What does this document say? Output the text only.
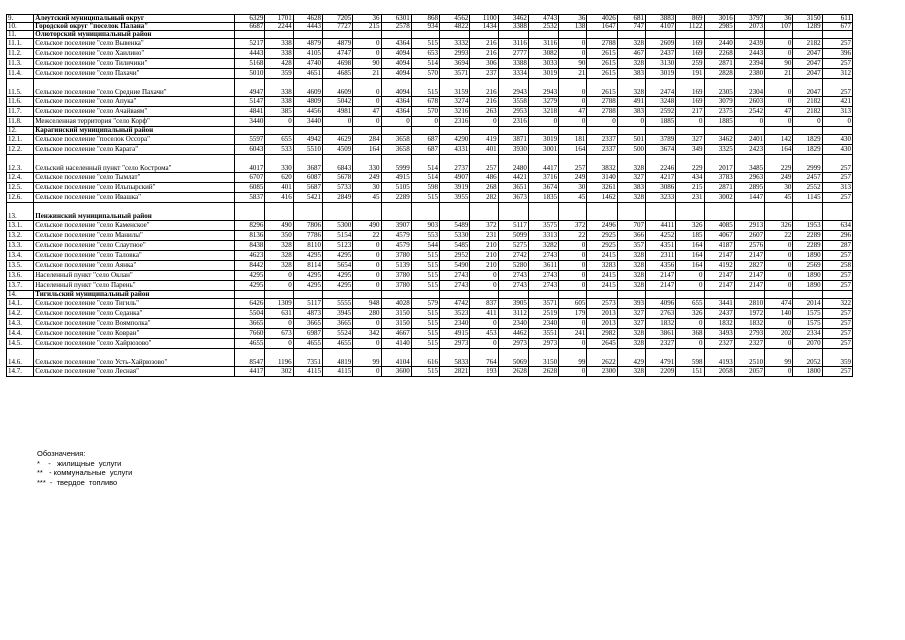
9.	Алеутский муниципальный округ	6329	1701	4628	7205	36	6301	868	4562	1100	3462	4743	36	4026	681	3883	869	3016	3797	36	3150	611
10.	Городской округ "поселок Палана"	6687	2244	4443	7727	215	2578	934	4822	1434	3388	2532	138	1647	747	4107	1122	2985	2073	107	1289	677
11.	Олюторский муниципальный район																					
11.1.	Сельское поселение "село Вывенка"	5217	338	4879	4879	0	4364	515	3332	216	3116	3116	0	2788	328	2609	169	2440	2439	0	2182	257
11.2.	Сельское поселение "село Хаилино"	4443	338	4105	4747	0	4094	653	2993	216	2777	3082	0	2615	467	2437	169	2268	2443	0	2047	396
11.3.	Сельское поселение "село Тиличики"	5168	428	4740	4698	90	4094	514	3694	306	3388	3033	90	2615	328	3130	259	2871	2394	90	2047	257
11.4.	Сельское поселение "село Пахачи"	5010	359	4651	4685	21	4094	570	3571	237	3334	3019	21	2615	383	3019	191	2828	2380	21	2047	312
11.5.	Сельское поселение "село Средние Пахачи"	4947	338	4609	4609	0	4094	515	3159	216	2943	2943	0	2615	328	2474	169	2305	2304	0	2047	257
11.6.	Сельское поселение "село Апука"	5147	338	4809	5042	0	4364	678	3274	216	3558	3279	0	2788	491	3248	169	3079	2603	0	2182	421
11.7.	Сельское поселение "село Ачайваям"	4841	385	4456	4981	47	4364	570	3216	263	2953	3218	47	2788	383	2592	217	2375	2542	47	2182	313
11.8.	Межселенная территория "село Корф"	3440	0	3440	0	0	0	0	2316	0	2316	0	0	0	0	1885	0	1885	0	0	0	0
12.	Карагинский муниципальный район																					
12.1.	Сельское поселение "поселок Оссора"	5597	655	4942	4629	284	3658	687	4290	419	3871	3019	181	2337	501	3789	327	3462	2401	142	1829	430
12.2.	Сельское поселение "село Карага"	6043	533	5510	4509	164	3658	687	4331	401	3930	3001	164	2337	500	3674	349	3325	2423	164	1829	430
12.3.	Сельский населенный пункт "село Кострома"	4017	330	3687	6843	330	5999	514	2737	257	2480	4417	257	3832	328	2246	229	2017	3485	229	2999	257
12.4.	Сельское поселение "село Тымлат"	6707	620	6087	5678	249	4915	514	4907	486	4421	3716	249	3140	327	4217	434	3783	2963	249	2457	257
12.5.	Сельское поселение "село Ильпырский"	6085	401	5687	5733	30	5105	598	3919	268	3651	3674	30	3261	383	3086	215	2871	2895	30	2552	313
12.6.	Сельское поселение "село Ивашка"	5837	416	5421	2849	45	2289	515	3955	282	3673	1835	45	1462	328	3233	231	3002	1447	45	1145	257
13.	Пенжинский муниципальный район																					
13.1.	Сельское поселение "село Каменское"	8296	490	7806	5300	490	3907	903	5489	372	5117	3575	372	2496	707	4411	326	4085	2913	326	1953	634
13.2.	Сельское поселение "село Манилы"	8136	350	7786	5154	22	4579	553	5330	231	5099	3313	22	2925	366	4252	185	4067	2607	22	2289	296
13.3.	Сельское поселение "село Слаутное"	8438	328	8110	5123	0	4579	544	5485	210	5275	3282	0	2925	357	4351	164	4187	2576	0	2289	287
13.4.	Сельское поселение "село Таловка"	4623	328	4295	4295	0	3780	515	2952	210	2742	2743	0	2415	328	2311	164	2147	2147	0	1890	257
13.5.	Сельское поселение "село Аянка"	8442	328	8114	5654	0	5139	515	5490	210	5280	3611	0	3283	328	4356	164	4192	2827	0	2569	258
13.6.	Населенный пункт "село Оклан"	4295	0	4295	4295	0	3780	515	2743	0	2743	2743	0	2415	328	2147	0	2147	2147	0	1890	257
13.7.	Населенный пункт "село Парень"	4295	0	4295	4295	0	3780	515	2743	0	2743	2743	0	2415	328	2147	0	2147	2147	0	1890	257
14.	Тигильский муниципальный район																					
14.1.	Сельское поселение "село Тигиль"	6426	1309	5117	5555	948	4028	579	4742	837	3905	3571	605	2573	393	4096	655	3441	2810	474	2014	322
14.2.	Сельское поселение "село Седанка"	5504	631	4873	3945	280	3150	515	3523	411	3112	2519	179	2013	327	2763	326	2437	1972	140	1575	257
14.3.	Сельское поселение "село Воямполка"	3665	0	3665	3665	0	3150	515	2340	0	2340	2340	0	2013	327	1832	0	1832	1832	0	1575	257
14.4.	Сельское поселение "село Ковран"	7660	673	6987	5524	342	4667	515	4915	453	4462	3551	241	2982	328	3861	368	3493	2793	202	2334	257
14.5.	Сельское поселение "село Хайрюзово"	4655	0	4655	4655	0	4140	515	2973	0	2973	2973	0	2645	328	2327	0	2327	2327	0	2070	257
14.6.	Сельское поселение "село Усть-Хайрюзово"	8547	1196	7351	4819	99	4104	616	5833	764	5069	3150	99	2622	429	4791	598	4193	2510	99	2052	359
14.7.	Сельское поселение "село Лесная"	4417	302	4115	4115	0	3600	515	2821	193	2628	2628	0	2300	328	2209	151	2058	2057	0	1800	257
Обозначения:
*    -   жилищные  услуги
**   - коммунальные  услуги
***  -  твердое  топливо
